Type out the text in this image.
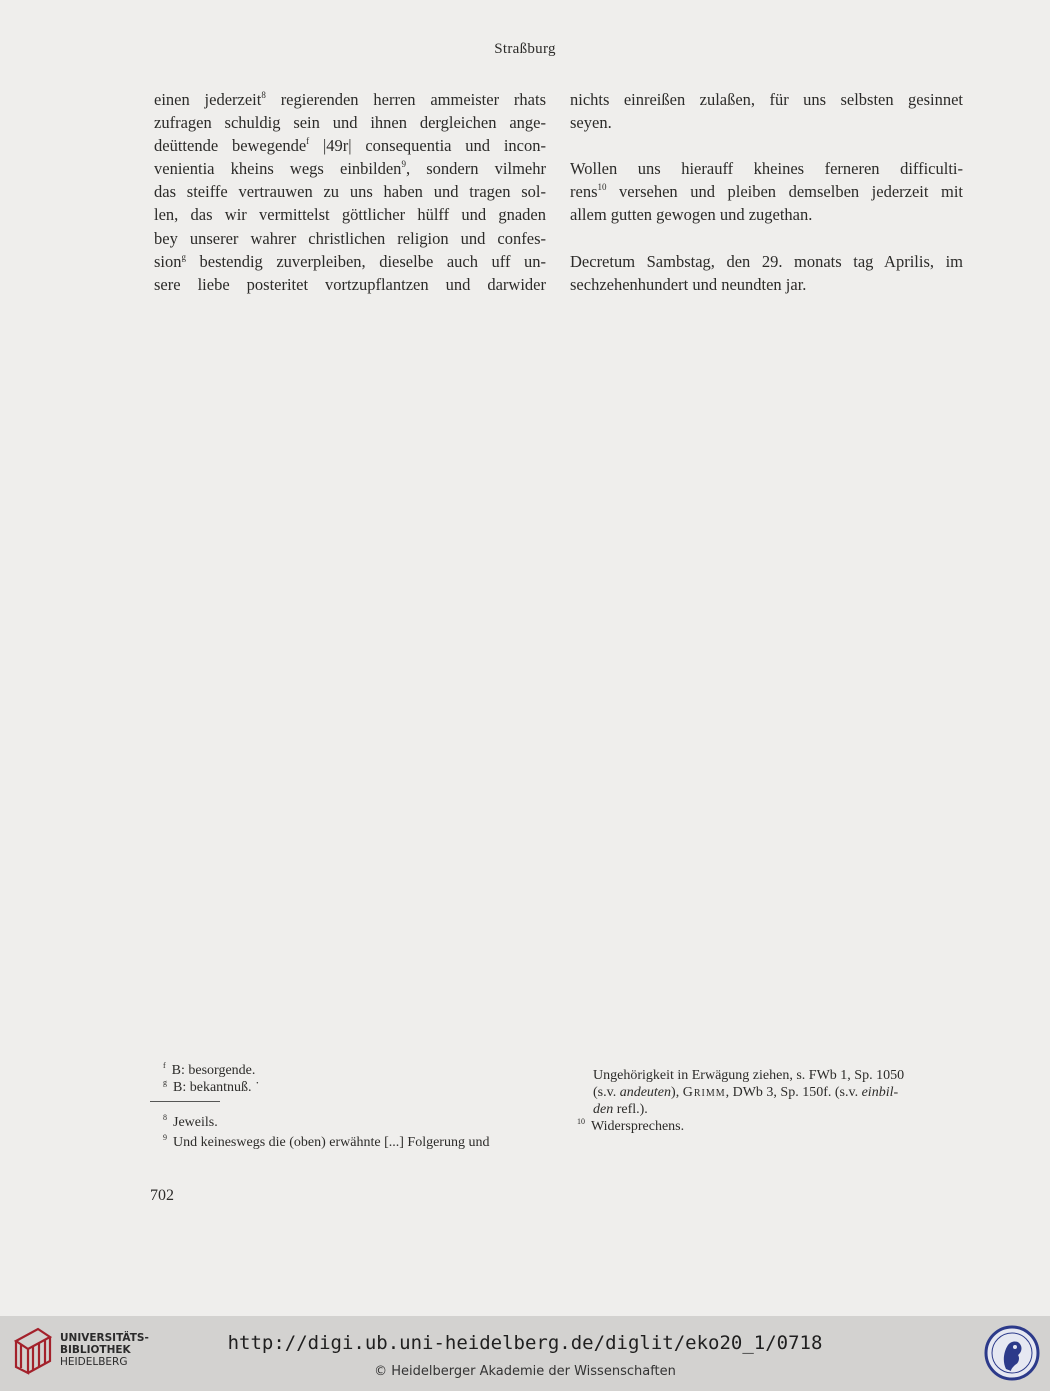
Straßburg
einen jederzeit$^8$ regierenden herren ammeister rhats
zufragen schuldig sein und ihnen dergleichen ange-
deüttende bewegende$^f$ |49r| consequentia und incon-
venientia kheins wegs einbilden$^9$, sondern vilmehr
das steiffe vertrauwen zu uns haben und tragen sol-
len, das wir vermittelst göttlicher hülff und gnaden
bey unserer wahrer christlichen religion und confes-
sion$^g$ bestendig zuverpleiben, dieselbe auch uff un-
sere liebe posteritet vortzupflantzen und darwider
nichts einreißen zulaßen, für uns selbsten gesinnet
seyen.
Wollen uns hierauff kheines ferneren difficulti-
rens$^{10}$ versehen und pleiben demselben jederzeit mit
allem gutten gewogen und zugethan.
Decretum Sambstag, den 29. monats tag Aprilis, im
sechzehenhundert und neundten jar.
$^f$ B: besorgende.
$^g$ B: bekantnuß. ˙
$^8$ Jeweils.
$^9$ Und keineswegs die (oben) erwähnte [...] Folgerung und
Ungehörigkeit in Erwägung ziehen, s. FWb 1, Sp. 1050
(s.v. andeuten), Grimm, DWb 3, Sp. 150f. (s.v. einbil-
den refl.).
$^{10}$ Widersprechens.
702
UNIVERSITÄTS-
BIBLIOTHEK
HEIDELBERG
http://digi.ub.uni-heidelberg.de/diglit/eko20_1/0718
© Heidelberger Akademie der Wissenschaften
